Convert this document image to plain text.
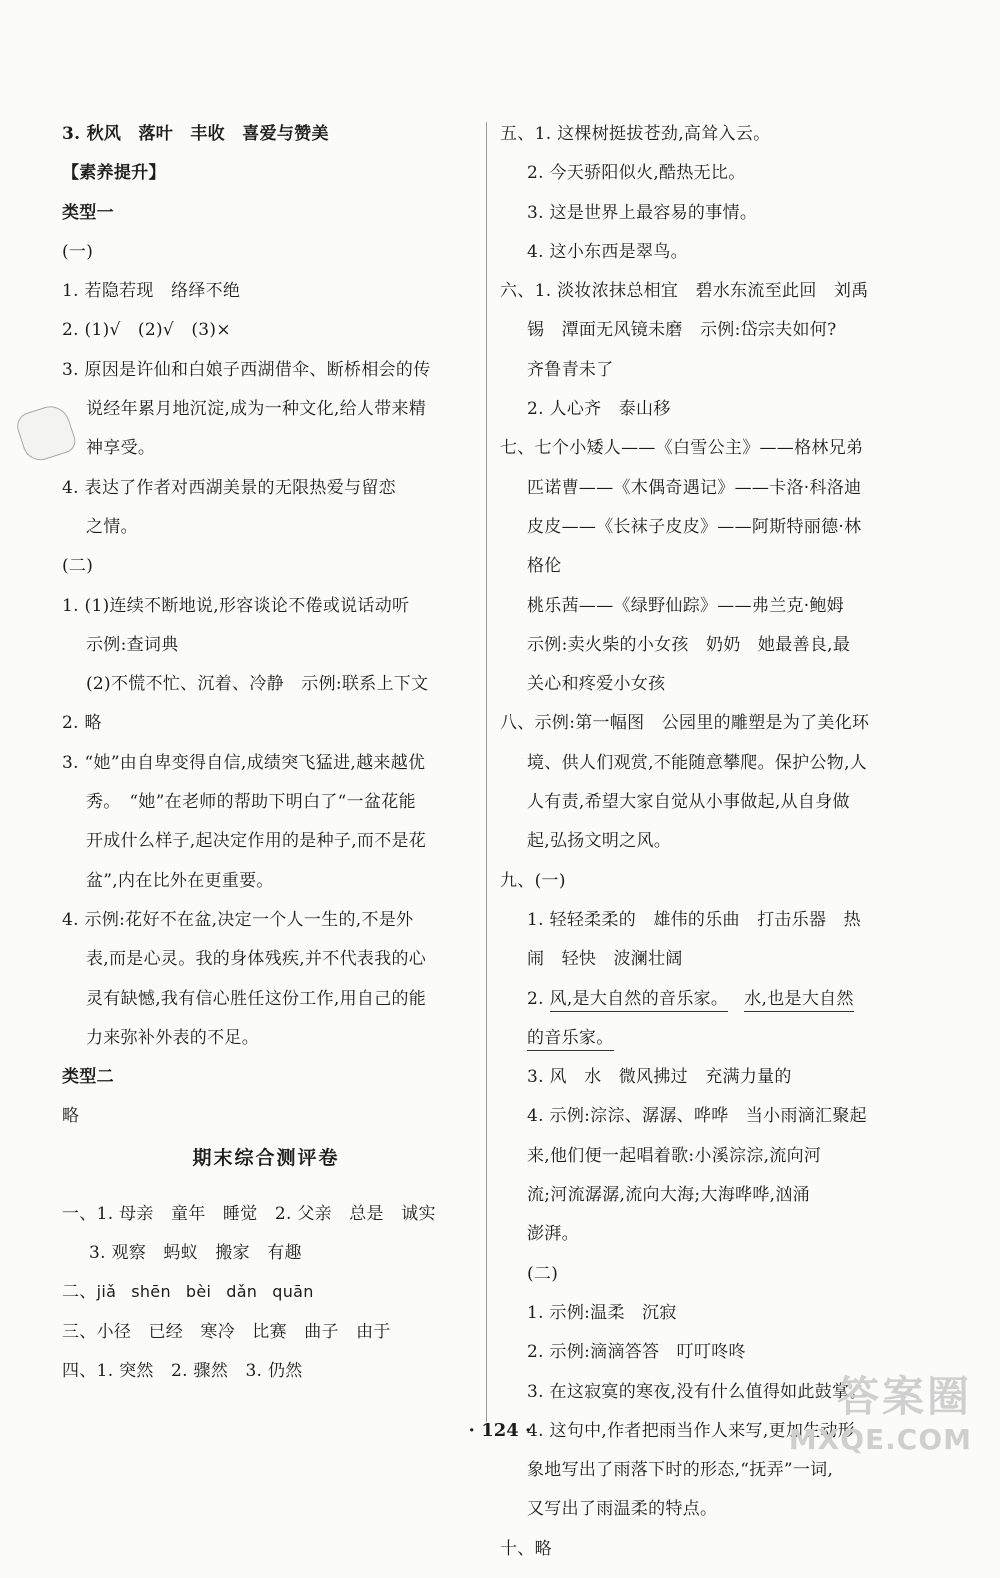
3. 秋风　落叶　丰收　喜爱与赞美
【素养提升】
类型一
(一)
1. 若隐若现　络绎不绝
2. (1)√　(2)√　(3)×
3. 原因是许仙和白娘子西湖借伞、断桥相会的传
说经年累月地沉淀,成为一种文化,给人带来精
神享受。
4. 表达了作者对西湖美景的无限热爱与留恋
之情。
(二)
1. (1)连续不断地说,形容谈论不倦或说话动听
示例:查词典
(2)不慌不忙、沉着、冷静　示例:联系上下文
2. 略
3. “她”由自卑变得自信,成绩突飞猛进,越来越优
秀。　“她”在老师的帮助下明白了“一盆花能
开成什么样子,起决定作用的是种子,而不是花
盆”,内在比外在更重要。
4. 示例:花好不在盆,决定一个人一生的,不是外
表,而是心灵。我的身体残疾,并不代表我的心
灵有缺憾,我有信心胜任这份工作,用自己的能
力来弥补外表的不足。
类型二
略
期末综合测评卷
一、1. 母亲　童年　睡觉　2. 父亲　总是　诚实
3. 观察　蚂蚁　搬家　有趣
二、jiǎ shēn bèi dǎn quān
三、小径　已经　寒冷　比赛　曲子　由于
四、1. 突然　2. 骤然　3. 仍然
五、1. 这棵树挺拔苍劲,高耸入云。
2. 今天骄阳似火,酷热无比。
3. 这是世界上最容易的事情。
4. 这小东西是翠鸟。
六、1. 淡妆浓抹总相宜　碧水东流至此回　刘禹
锡　潭面无风镜未磨　示例:岱宗夫如何?
齐鲁青未了
2. 人心齐　泰山移
七、七个小矮人——《白雪公主》——格林兄弟
匹诺曹——《木偶奇遇记》——卡洛·科洛迪
皮皮——《长袜子皮皮》——阿斯特丽德·林
格伦
桃乐茜——《绿野仙踪》——弗兰克·鲍姆
示例:卖火柴的小女孩　奶奶　她最善良,最
关心和疼爱小女孩
八、示例:第一幅图　公园里的雕塑是为了美化环
境、供人们观赏,不能随意攀爬。保护公物,人
人有责,希望大家自觉从小事做起,从自身做
起,弘扬文明之风。
九、(一)
1. 轻轻柔柔的　雄伟的乐曲　打击乐器　热
闹　轻快　波澜壮阔
2. 风,是大自然的音乐家。 水,也是大自然
的音乐家。
3. 风　水　微风拂过　充满力量的
4. 示例:淙淙、潺潺、哗哗　当小雨滴汇聚起
来,他们便一起唱着歌:小溪淙淙,流向河
流;河流潺潺,流向大海;大海哗哗,汹涌
澎湃。
(二)
1. 示例:温柔　沉寂
2. 示例:滴滴答答　叮叮咚咚
3. 在这寂寞的寒夜,没有什么值得如此鼓掌。
4. 这句中,作者把雨当作人来写,更加生动形
象地写出了雨落下时的形态,“抚弄”一词,
又写出了雨温柔的特点。
十、略
· 124 ·
答案圈
MXQE.COM
